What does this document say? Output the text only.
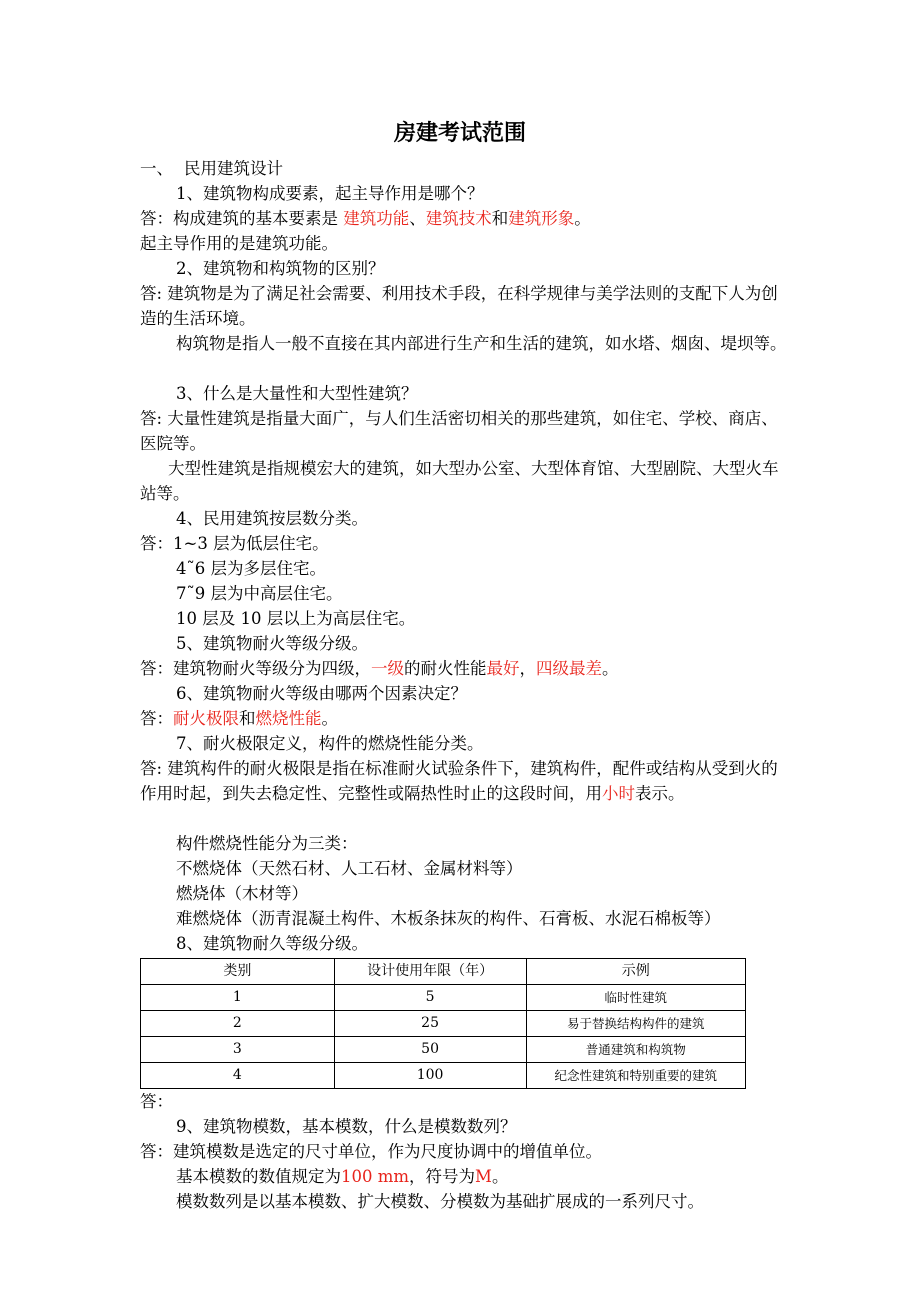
房建考试范围
一、 民用建筑设计
1、建筑物构成要素，起主导作用是哪个？
答：构成建筑的基本要素是 建筑功能、建筑技术和建筑形象。
起主导作用的是建筑功能。
2、建筑物和构筑物的区别？
答: 建筑物是为了满足社会需要、利用技术手段，在科学规律与美学法则的支配下人为创造的生活环境。
构筑物是指人一般不直接在其内部进行生产和生活的建筑，如水塔、烟囱、堤坝等。
3、什么是大量性和大型性建筑？
答: 大量性建筑是指量大面广，与人们生活密切相关的那些建筑，如住宅、学校、商店、医院等。
大型性建筑是指规模宏大的建筑，如大型办公室、大型体育馆、大型剧院、大型火车站等。
4、民用建筑按层数分类。
答：1~3 层为低层住宅。
4˜6 层为多层住宅。
7˜9 层为中高层住宅。
10 层及 10 层以上为高层住宅。
5、建筑物耐火等级分级。
答：建筑物耐火等级分为四级，一级的耐火性能最好，四级最差。
6、建筑物耐火等级由哪两个因素决定？
答：耐火极限和燃烧性能。
7、耐火极限定义，构件的燃烧性能分类。
答: 建筑构件的耐火极限是指在标准耐火试验条件下，建筑构件，配件或结构从受到火的作用时起，到失去稳定性、完整性或隔热性时止的这段时间，用小时表示。
构件燃烧性能分为三类：
不燃烧体（天然石材、人工石材、金属材料等）
燃烧体（木材等）
难燃烧体（沥青混凝土构件、木板条抹灰的构件、石膏板、水泥石棉板等）
8、建筑物耐久等级分级。
类别	设计使用年限（年）	示例
1	5	临时性建筑
2	25	易于替换结构构件的建筑
3	50	普通建筑和构筑物
4	100	纪念性建筑和特别重要的建筑
答：
9、建筑物模数，基本模数，什么是模数数列？
答：建筑模数是选定的尺寸单位，作为尺度协调中的增值单位。
基本模数的数值规定为100 mm，符号为M。
模数数列是以基本模数、扩大模数、分模数为基础扩展成的一系列尺寸。
